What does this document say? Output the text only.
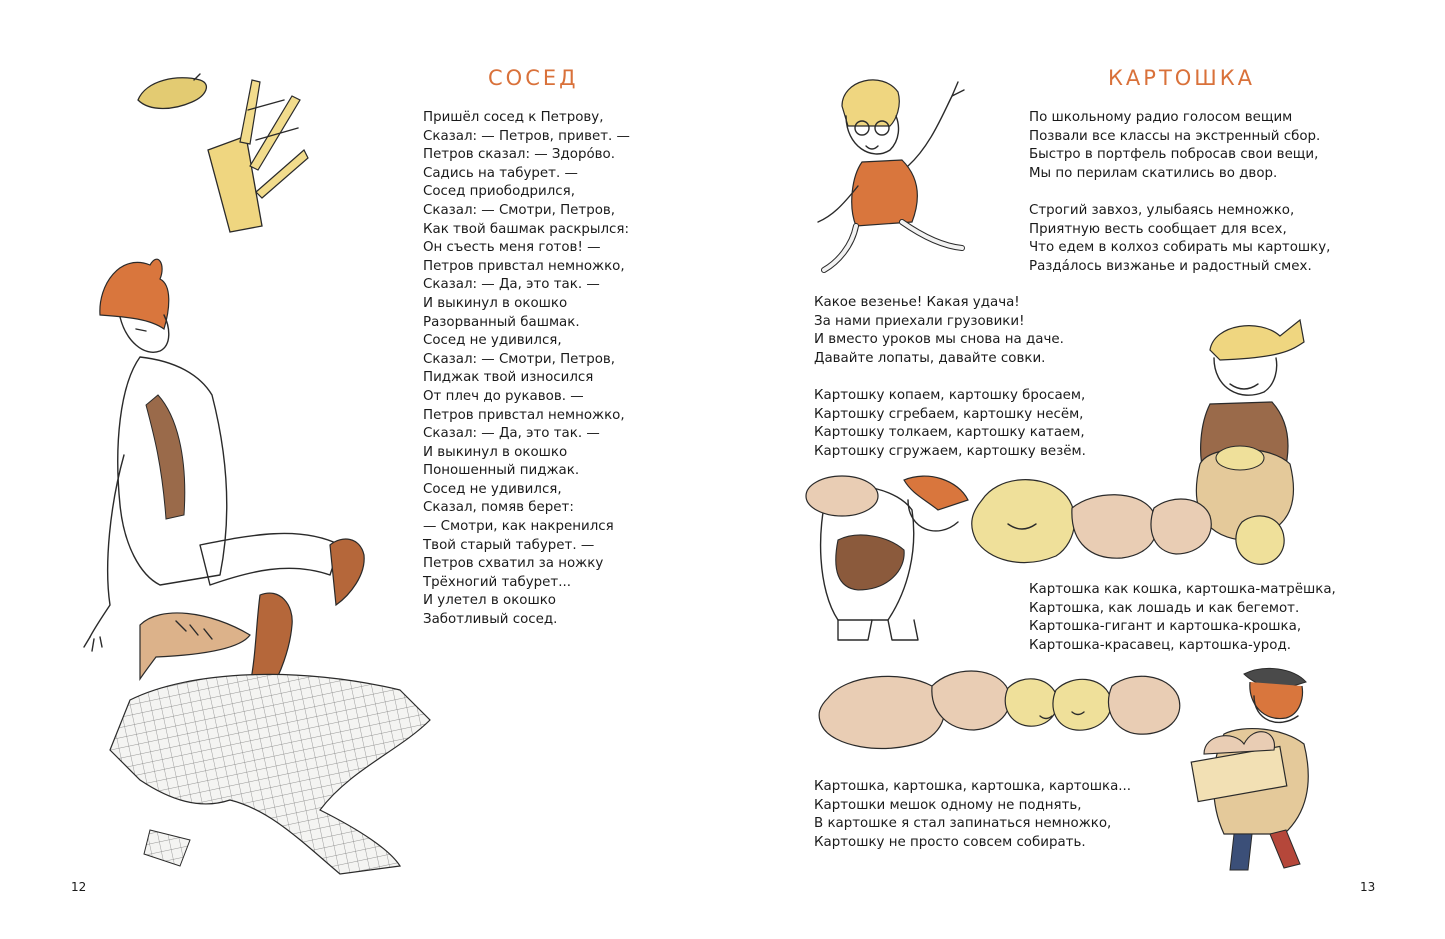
СОСЕД
Пришёл сосед к Петрову,
Сказал: — Петров, привет. —
Петров сказал: — Здоро́во.
Садись на табурет. —
Сосед приободрился,
Сказал: — Смотри, Петров,
Как твой башмак раскрылся:
Он съесть меня готов! —
Петров привстал немножко,
Сказал: — Да, это так. —
И выкинул в окошко
Разорванный башмак.
Сосед не удивился,
Сказал: — Смотри, Петров,
Пиджак твой износился
От плеч до рукавов. —
Петров привстал немножко,
Сказал: — Да, это так. —
И выкинул в окошко
Поношенный пиджак.
Сосед не удивился,
Сказал, помяв берет:
— Смотри, как накренился
Твой старый табурет. —
Петров схватил за ножку
Трёхногий табурет...
И улетел в окошко
Заботливый сосед.
12
КАРТОШКА
По школьному радио голосом вещим
Позвали все классы на экстренный сбор.
Быстро в портфель побросав свои вещи,
Мы по перилам скатились во двор.
Строгий завхоз, улыбаясь немножко,
Приятную весть сообщает для всех,
Что едем в колхоз собирать мы картошку,
Разда́лось визжанье и радостный смех.
Какое везенье! Какая удача!
За нами приехали грузовики!
И вместо уроков мы снова на даче.
Давайте лопаты, давайте совки.
Картошку копаем, картошку бросаем,
Картошку сгребаем, картошку несём,
Картошку толкаем, картошку катаем,
Картошку сгружаем, картошку везём.
Картошка как кошка, картошка-матрёшка,
Картошка, как лошадь и как бегемот.
Картошка-гигант и картошка-крошка,
Картошка-красавец, картошка-урод.
Картошка, картошка, картошка, картошка...
Картошки мешок одному не поднять,
В картошке я стал запинаться немножко,
Картошку не просто совсем собирать.
13
